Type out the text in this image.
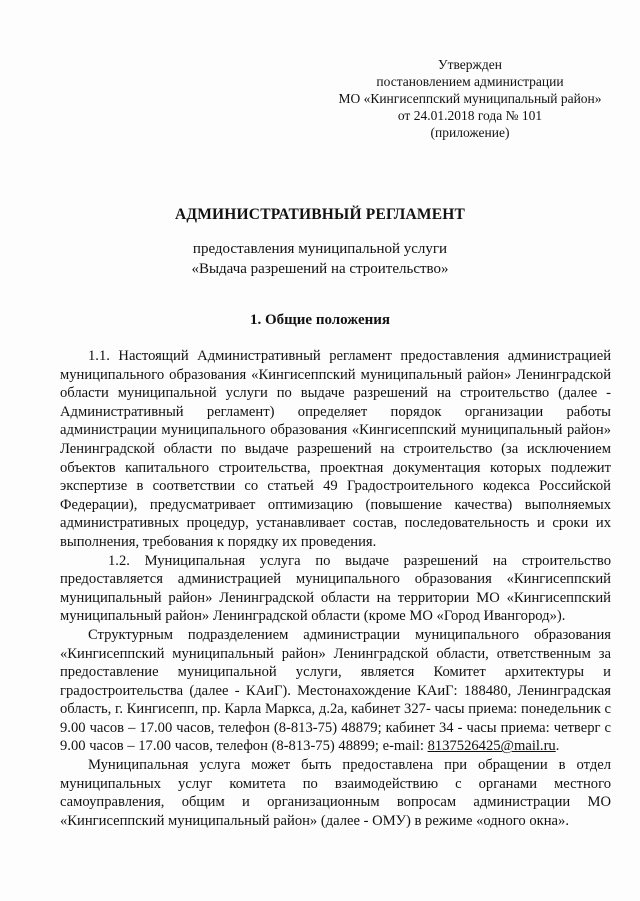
Утвержден
постановлением администрации
МО «Кингисеппский муниципальный район»
от 24.01.2018 года № 101
(приложение)
АДМИНИСТРАТИВНЫЙ РЕГЛАМЕНТ
предоставления муниципальной услуги
«Выдача разрешений на строительство»
1. Общие положения

1.1. Настоящий Административный регламент предоставления администрацией муниципального образования «Кингисеппский муниципальный район» Ленинградской области муниципальной услуги по выдаче разрешений на строительство (далее - Административный регламент) определяет порядок организации работы администрации муниципального образования «Кингисеппский муниципальный район» Ленинградской области по выдаче разрешений на строительство (за исключением объектов капитального строительства, проектная документация которых подлежит экспертизе в соответствии со статьей 49 Градостроительного кодекса Российской Федерации), предусматривает оптимизацию (повышение качества) выполняемых административных процедур, устанавливает состав, последовательность и сроки их выполнения, требования к порядку их проведения.

1.2. Муниципальная услуга по выдаче разрешений на строительство предоставляется администрацией муниципального образования «Кингисеппский муниципальный район» Ленинградской области на территории МО «Кингисеппский муниципальный район» Ленинградской области (кроме МО «Город Ивангород»).

Структурным подразделением администрации муниципального образования «Кингисеппский муниципальный район» Ленинградской области, ответственным за предоставление муниципальной услуги, является Комитет архитектуры и градостроительства (далее - КАиГ). Местонахождение КАиГ: 188480, Ленинградская область, г. Кингисепп, пр. Карла Маркса, д.2а, кабинет 327- часы приема: понедельник с 9.00 часов – 17.00 часов, телефон (8-813-75) 48879; кабинет 34 - часы приема: четверг с 9.00 часов – 17.00 часов, телефон (8-813-75) 48899; e-mail: 8137526425@mail.ru.

Муниципальная услуга может быть предоставлена при обращении в отдел муниципальных услуг комитета по взаимодействию с органами местного самоуправления, общим и организационным вопросам администрации МО «Кингисеппский муниципальный район» (далее - ОМУ) в режиме «одного окна».
